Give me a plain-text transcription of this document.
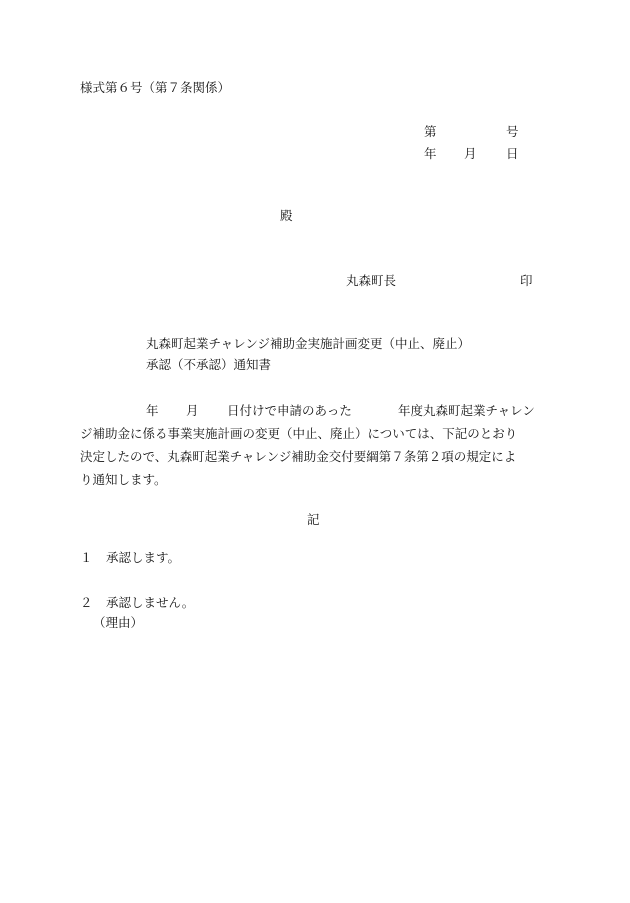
様式第６号（第７条関係）
第	号
年 月 日
殿
丸森町長	印
丸森町起業チャレンジ補助金実施計画変更（中止、廃止）
承認（不承認）通知書
年 月 日付けで申請のあった	年度丸森町起業チャレン
ジ補助金に係る事業実施計画の変更（中止、廃止）については、下記のとおり
決定したので、丸森町起業チャレンジ補助金交付要綱第７条第２項の規定によ
り通知します。
記
１ 承認します。
２ 承認しません。
（理由）
